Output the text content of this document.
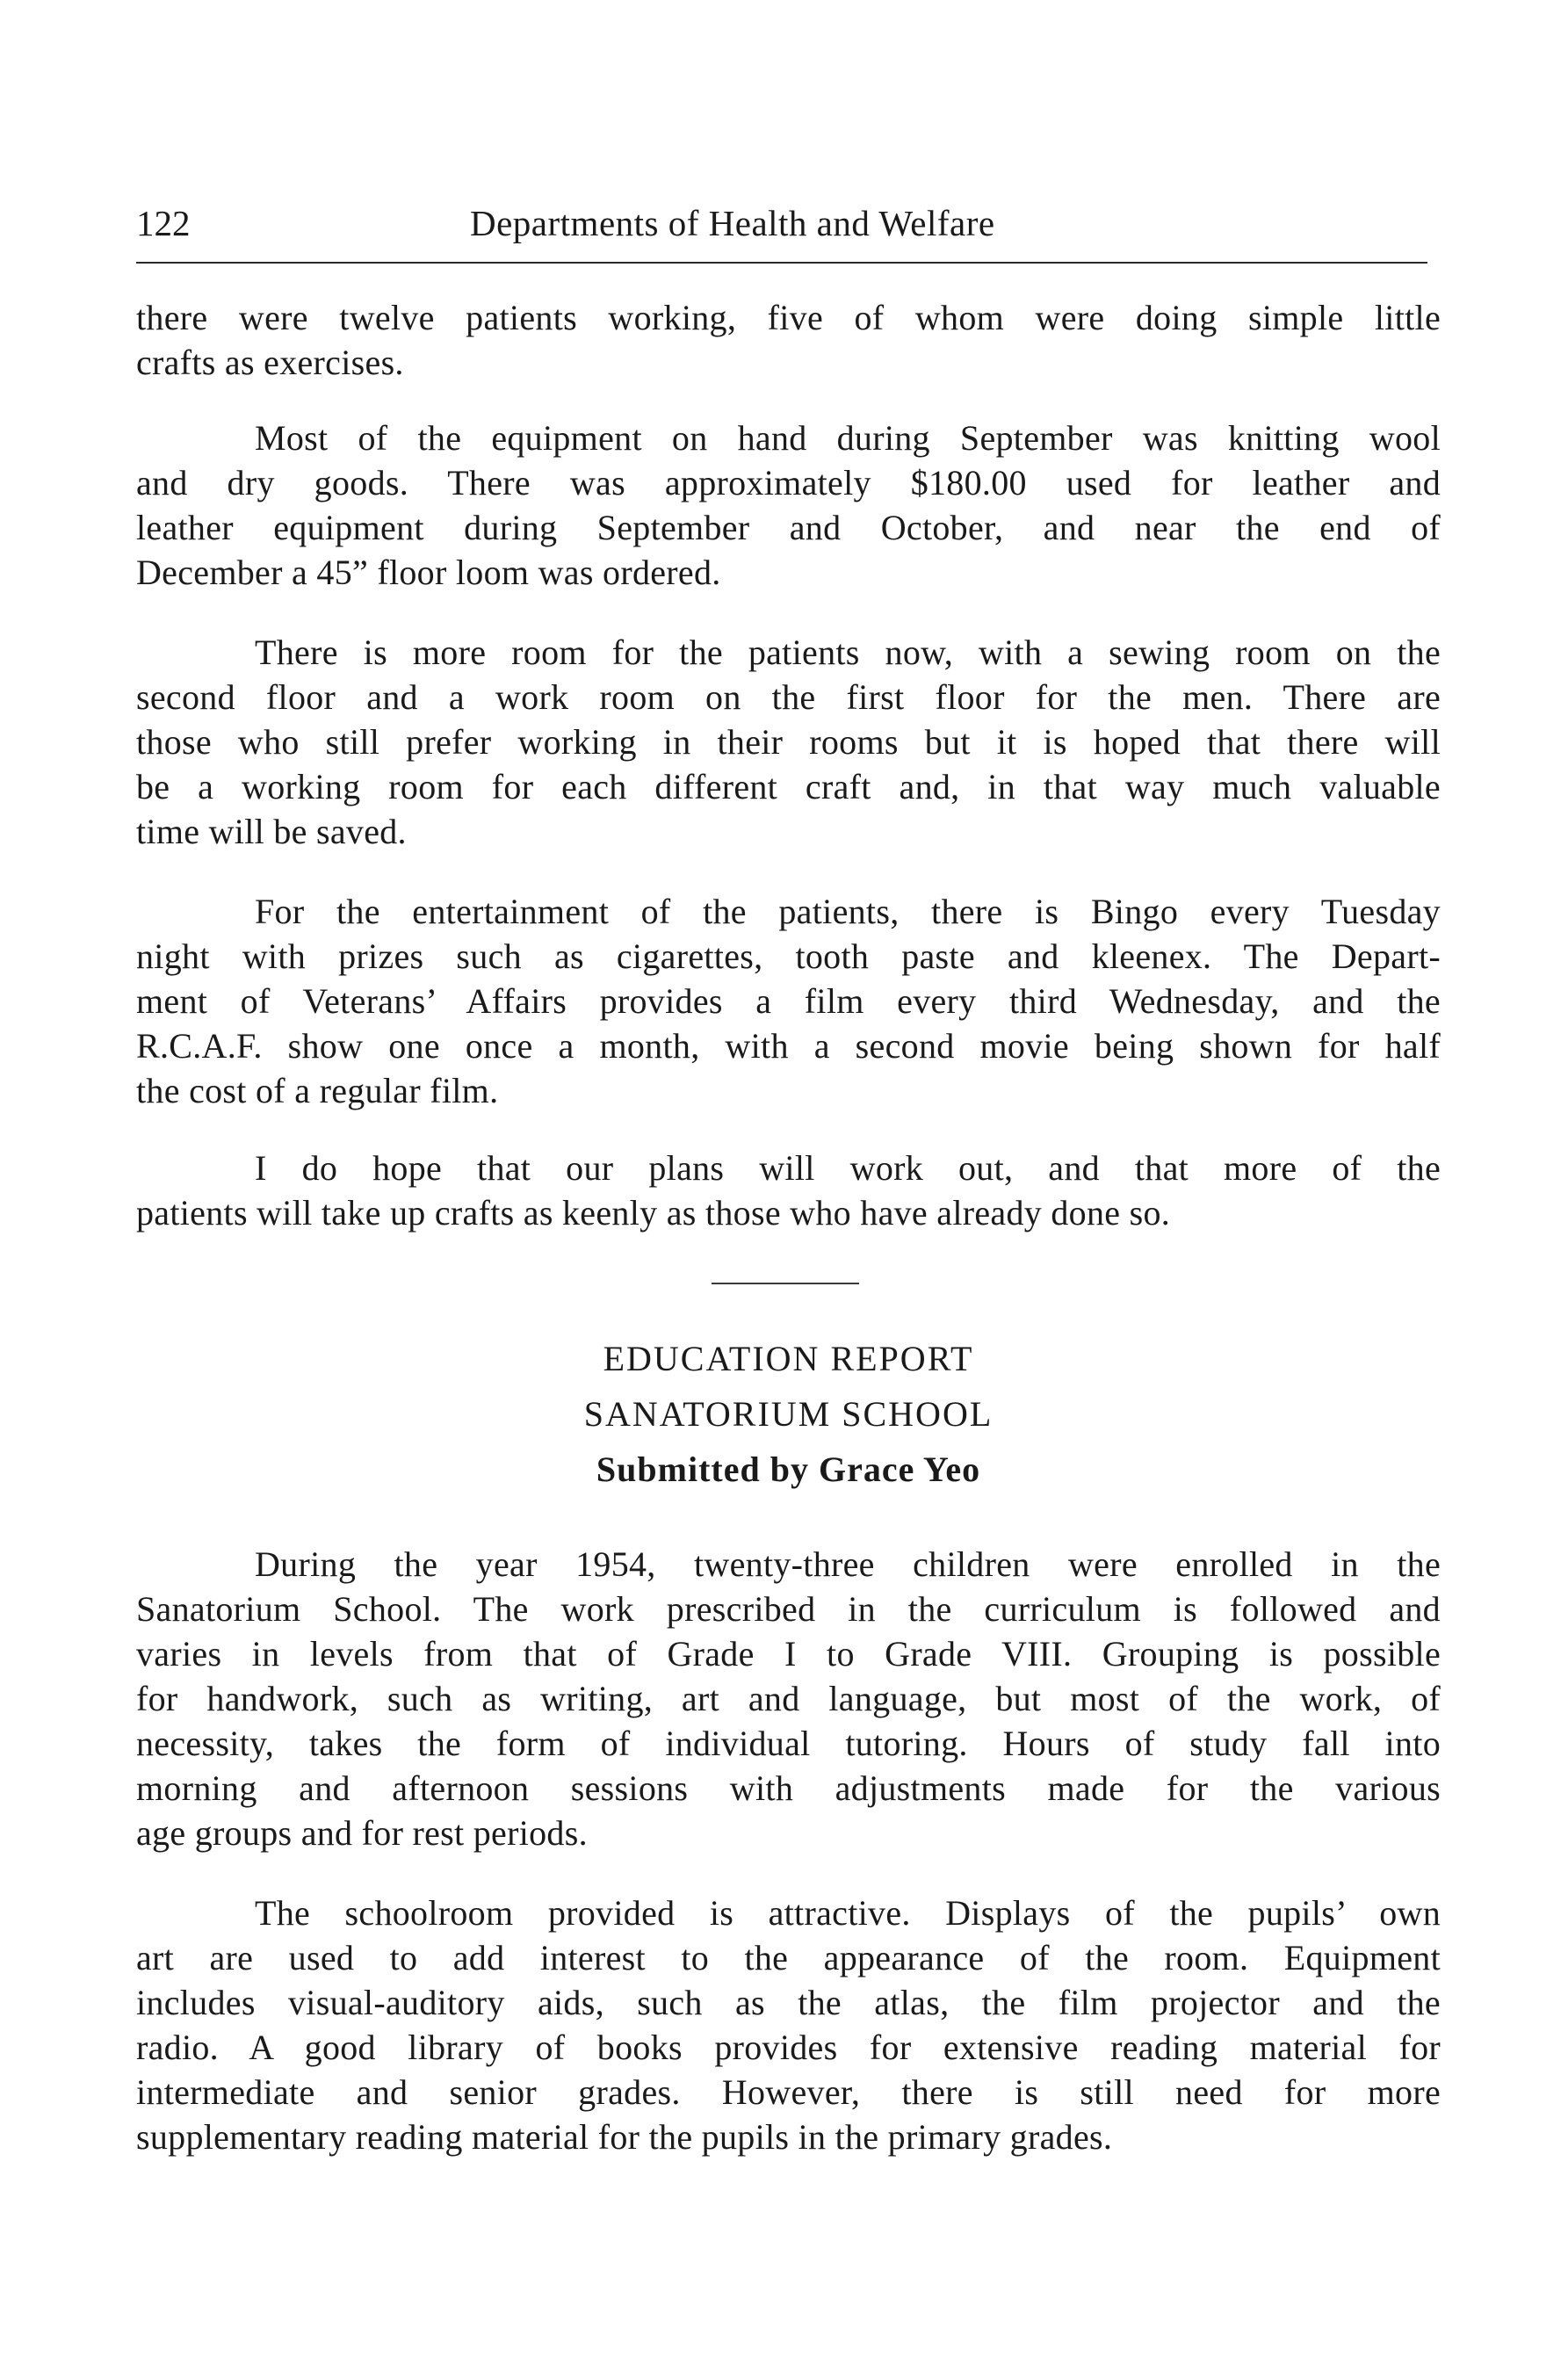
122	Departments of Health and Welfare
there were twelve patients working, five of whom were doing simple little
crafts as exercises.
Most of the equipment on hand during September was knitting wool
and dry goods. There was approximately $180.00 used for leather and
leather equipment during September and October, and near the end of
December a 45” floor loom was ordered.
There is more room for the patients now, with a sewing room on the
second floor and a work room on the first floor for the men. There are
those who still prefer working in their rooms but it is hoped that there will
be a working room for each different craft and, in that way much valuable
time will be saved.
For the entertainment of the patients, there is Bingo every Tuesday
night with prizes such as cigarettes, tooth paste and kleenex. The Depart-
ment of Veterans’ Affairs provides a film every third Wednesday, and the
R.C.A.F. show one once a month, with a second movie being shown for half
the cost of a regular film.
I do hope that our plans will work out, and that more of the
patients will take up crafts as keenly as those who have already done so.
EDUCATION REPORT
SANATORIUM SCHOOL
Submitted by Grace Yeo
During the year 1954, twenty-three children were enrolled in the
Sanatorium School. The work prescribed in the curriculum is followed and
varies in levels from that of Grade I to Grade VIII. Grouping is possible
for handwork, such as writing, art and language, but most of the work, of
necessity, takes the form of individual tutoring. Hours of study fall into
morning and afternoon sessions with adjustments made for the various
age groups and for rest periods.
The schoolroom provided is attractive. Displays of the pupils’ own
art are used to add interest to the appearance of the room. Equipment
includes visual-auditory aids, such as the atlas, the film projector and the
radio. A good library of books provides for extensive reading material for
intermediate and senior grades. However, there is still need for more
supplementary reading material for the pupils in the primary grades.
